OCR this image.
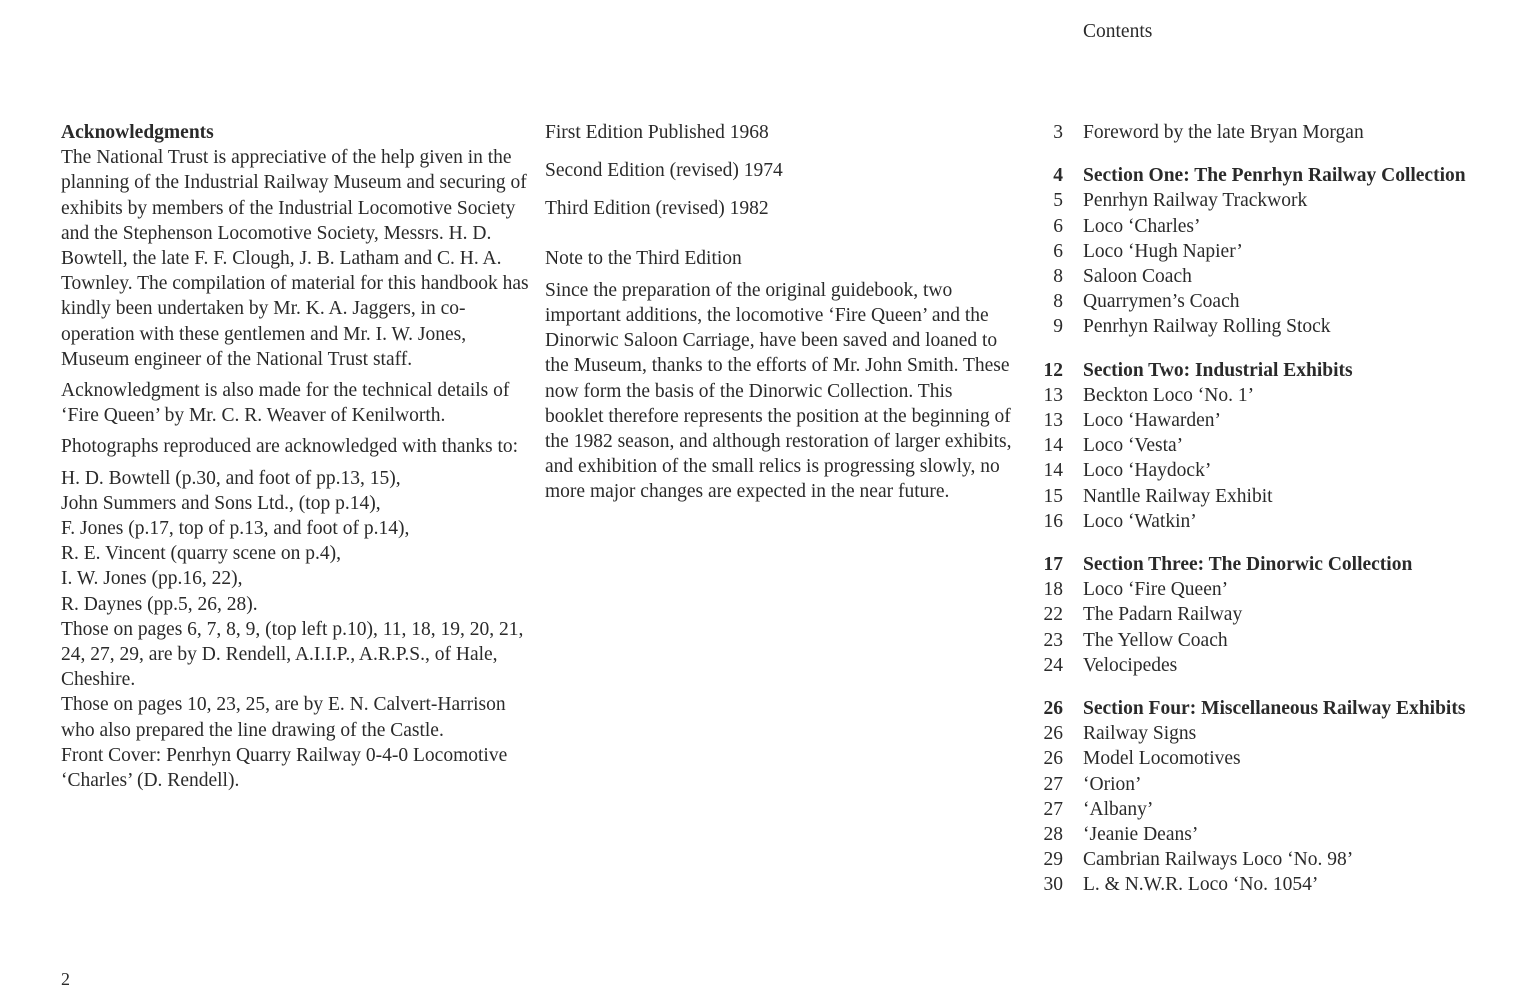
Contents
Acknowledgments

The National Trust is appreciative of the help given in the planning of the Industrial Railway Museum and securing of exhibits by members of the Industrial Locomotive Society and the Stephenson Locomotive Society, Messrs. H. D. Bowtell, the late F. F. Clough, J. B. Latham and C. H. A. Townley. The compilation of material for this handbook has kindly been undertaken by Mr. K. A. Jaggers, in co-operation with these gentlemen and Mr. I. W. Jones, Museum engineer of the National Trust staff.

Acknowledgment is also made for the technical details of ‘Fire Queen’ by Mr. C. R. Weaver of Kenilworth.

Photographs reproduced are acknowledged with thanks to:

H. D. Bowtell (p.30, and foot of pp.13, 15),
John Summers and Sons Ltd., (top p.14),
F. Jones (p.17, top of p.13, and foot of p.14),
R. E. Vincent (quarry scene on p.4),
I. W. Jones (pp.16, 22),
R. Daynes (pp.5, 26, 28).
Those on pages 6, 7, 8, 9, (top left p.10), 11, 18, 19, 20, 21, 24, 27, 29, are by D. Rendell, A.I.I.P., A.R.P.S., of Hale, Cheshire.
Those on pages 10, 23, 25, are by E. N. Calvert-Harrison who also prepared the line drawing of the Castle.
Front Cover: Penrhyn Quarry Railway 0-4-0 Locomotive ‘Charles’ (D. Rendell).

First Edition Published 1968

Second Edition (revised) 1974

Third Edition (revised) 1982

Note to the Third Edition

Since the preparation of the original guidebook, two important additions, the locomotive ‘Fire Queen’ and the Dinorwic Saloon Carriage, have been saved and loaned to the Museum, thanks to the efforts of Mr. John Smith. These now form the basis of the Dinorwic Collection. This booklet therefore represents the position at the beginning of the 1982 season, and although restoration of larger exhibits, and exhibition of the small relics is progressing slowly, no more major changes are expected in the near future.

3 Foreword by the late Bryan Morgan
4 Section One: The Penrhyn Railway Collection
5 Penrhyn Railway Trackwork
6 Loco ‘Charles’
6 Loco ‘Hugh Napier’
8 Saloon Coach
8 Quarrymen’s Coach
9 Penrhyn Railway Rolling Stock
12 Section Two: Industrial Exhibits
13 Beckton Loco ‘No. 1’
13 Loco ‘Hawarden’
14 Loco ‘Vesta’
14 Loco ‘Haydock’
15 Nantlle Railway Exhibit
16 Loco ‘Watkin’
17 Section Three: The Dinorwic Collection
18 Loco ‘Fire Queen’
22 The Padarn Railway
23 The Yellow Coach
24 Velocipedes
26 Section Four: Miscellaneous Railway Exhibits
26 Railway Signs
26 Model Locomotives
27 ‘Orion’
27 ‘Albany’
28 ‘Jeanie Deans’
29 Cambrian Railways Loco ‘No. 98’
30 L. & N.W.R. Loco ‘No. 1054’
2
